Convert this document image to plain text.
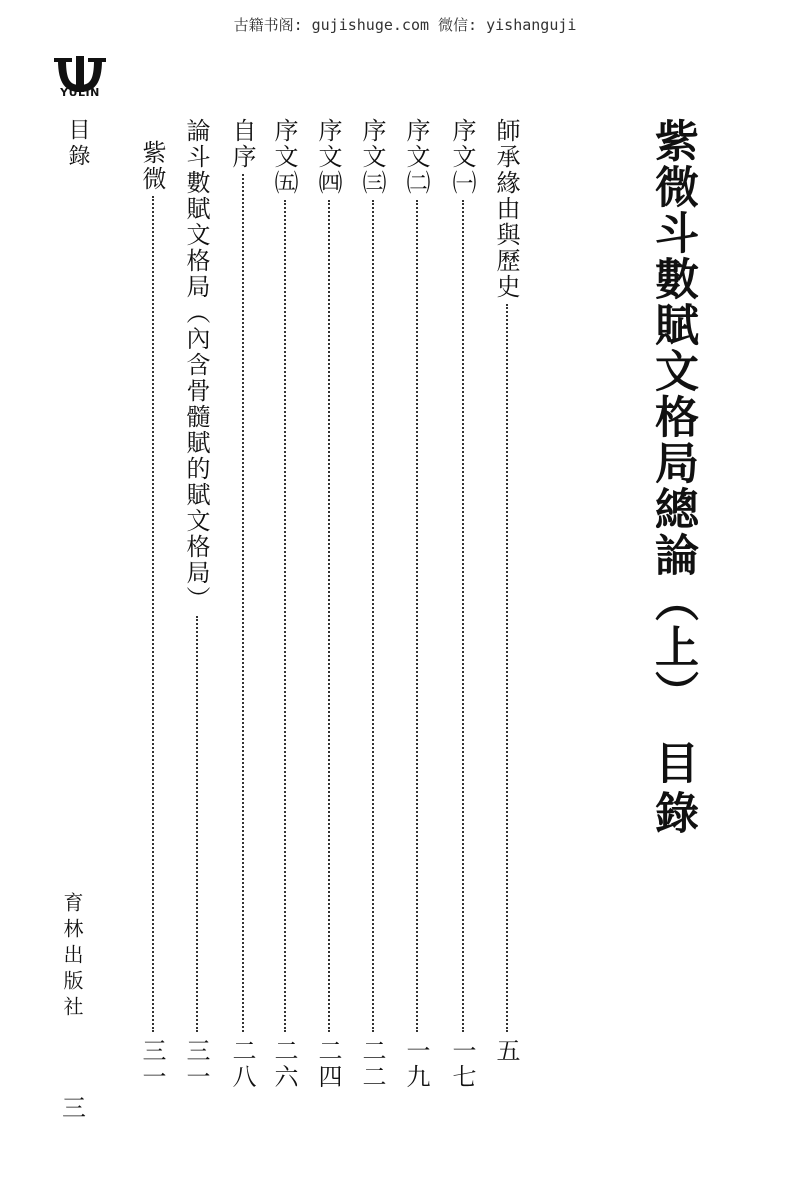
古籍书阁: gujishuge.com 微信: yishanguji
YULIN
目錄
育林出版社
三
紫微斗數賦文格局總論（上）
目錄
師承緣由與歷史
五
序文㈠
一七
序文㈡
一九
序文㈢
二二
序文㈣
二四
序文㈤
二六
自序
二八
論斗數賦文格局（內含骨髓賦的賦文格局）
三一
紫微
三一
